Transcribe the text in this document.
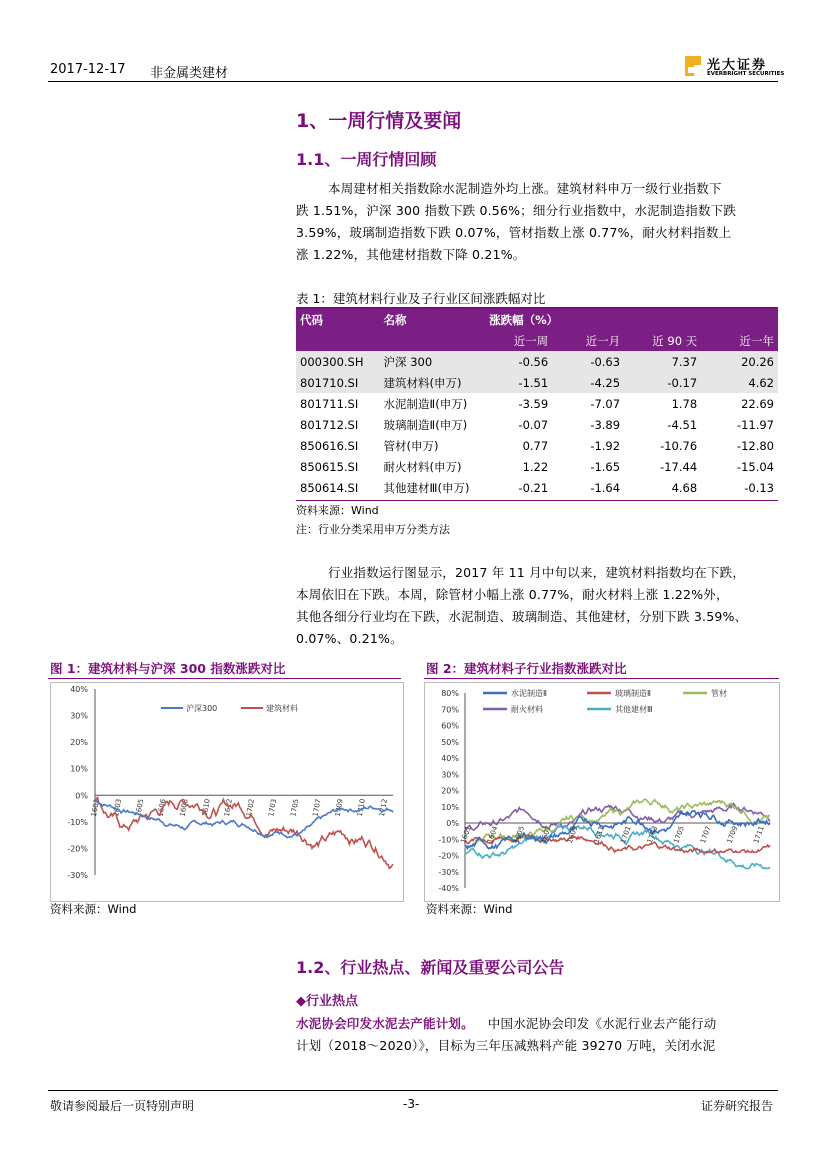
2017-12-17 非金属类建材
光大证券
EVERBRIGHT SECURITIES
1、一周行情及要闻
1.1、一周行情回顾
本周建材相关指数除水泥制造外均上涨。建筑材料申万一级行业指数下
跌 1.51%，沪深 300 指数下跌 0.56%；细分行业指数中，水泥制造指数下跌
3.59%，玻璃制造指数下跌 0.07%，管材指数上涨 0.77%，耐火材料指数上
涨 1.22%，其他建材指数下降 0.21%。
表 1：建筑材料行业及子行业区间涨跌幅对比
代码	名称	涨跌幅（%）			
		近一周	近一月	近 90 天	近一年
000300.SH	沪深 300	-0.56	-0.63	7.37	20.26
801710.SI	建筑材料(申万)	-1.51	-4.25	-0.17	4.62
801711.SI	水泥制造Ⅱ(申万)	-3.59	-7.07	1.78	22.69
801712.SI	玻璃制造Ⅱ(申万)	-0.07	-3.89	-4.51	-11.97
850616.SI	管材(申万)	0.77	-1.92	-10.76	-12.80
850615.SI	耐火材料(申万)	1.22	-1.65	-17.44	-15.04
850614.SI	其他建材Ⅲ(申万)	-0.21	-1.64	4.68	-0.13
资料来源：Wind
注：行业分类采用申万分类方法
行业指数运行图显示，2017 年 11 月中旬以来，建筑材料指数均在下跌，
本周依旧在下跌。本周，除管材小幅上涨 0.77%，耐火材料上涨 1.22%外，
其他各细分行业均在下跌，水泥制造、玻璃制造、其他建材，分别下跌 3.59%、
0.07%、0.21%。
图 1：建筑材料与沪深 300 指数涨跌对比
40%
30%
20%
10%
0%
-10%
-20%
-30%
1601 1603 1605 1606 1608 1610 1612 1702 1703 1705 1707 1709 1710 1712
沪深300	建筑材料
资料来源：Wind
图 2：建筑材料子行业指数涨跌对比
80%
70%
60%
50%
40%
30%
20%
10%
0%
-10%
-20%
-30%
-40%
1601 1604 1605 1607 1609 1611 1701 1703 1705 1707 1709 1711
水泥制造Ⅱ	玻璃制造Ⅱ	管材
耐火材料	其他建材Ⅲ
资料来源：Wind
1.2、行业热点、新闻及重要公司公告
◆行业热点
水泥协会印发水泥去产能计划。 中国水泥协会印发《水泥行业去产能行动
计划（2018～2020）》，目标为三年压减熟料产能 39270 万吨，关闭水泥
敬请参阅最后一页特别声明	-3-	证券研究报告
